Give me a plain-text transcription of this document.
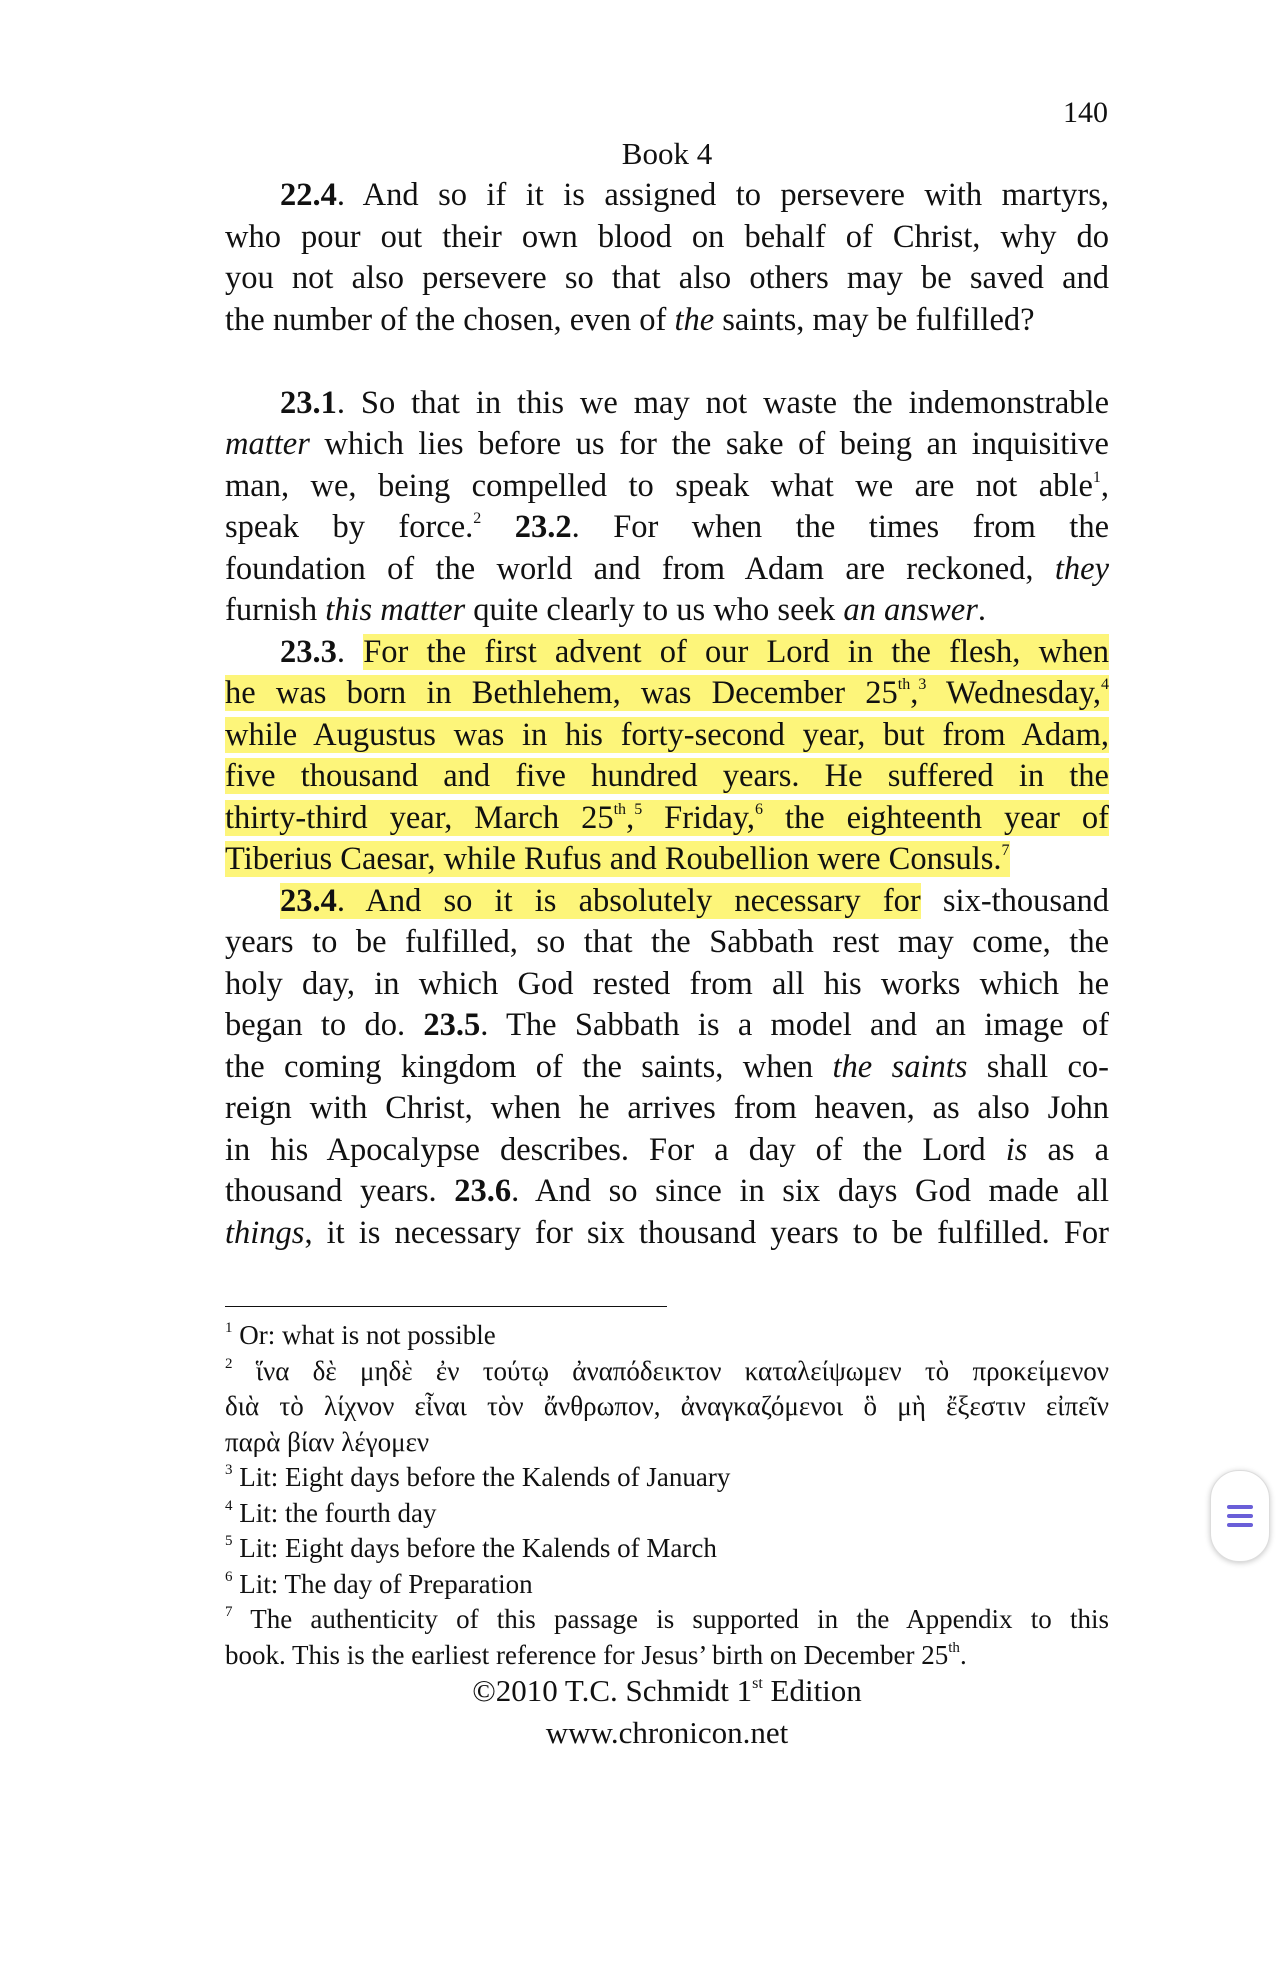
140
Book 4

22.4. And so if it is assigned to persevere with martyrs,

who pour out their own blood on behalf of Christ, why do

you not also persevere so that also others may be saved and

the number of the chosen, even of the saints, may be fulfilled?

23.1. So that in this we may not waste the indemonstrable

matter which lies before us for the sake of being an inquisitive

man, we, being compelled to speak what we are not able$^1$,

speak by force.$^2$ 23.2. For when the times from the

foundation of the world and from Adam are reckoned, they

furnish this matter quite clearly to us who seek an answer.

23.3. For the first advent of our Lord in the flesh, when

he was born in Bethlehem, was December 25th,$^3$ Wednesday,$^4$

while Augustus was in his forty-second year, but from Adam,

five thousand and five hundred years. He suffered in the

thirty-third year, March 25th,$^5$ Friday,$^6$ the eighteenth year of

Tiberius Caesar, while Rufus and Roubellion were Consuls.$^7$

23.4. And so it is absolutely necessary for six-thousand

years to be fulfilled, so that the Sabbath rest may come, the

holy day, in which God rested from all his works which he

began to do. 23.5. The Sabbath is a model and an image of

the coming kingdom of the saints, when the saints shall co-

reign with Christ, when he arrives from heaven, as also John

in his Apocalypse describes. For a day of the Lord is as a

thousand years. 23.6. And so since in six days God made all

things, it is necessary for six thousand years to be fulfilled. For

$^1$ Or: what is not possible

$^2$ ἵνα δὲ μηδὲ ἐν τούτῳ ἀναπόδεικτον καταλείψωμεν τὸ προκείμενον

διὰ τὸ λίχνον εἶναι τὸν ἄνθρωπον, ἀναγκαζόμενοι ὃ μὴ ἔξεστιν εἰπεῖν

παρὰ βίαν λέγομεν

$^3$ Lit: Eight days before the Kalends of January

$^4$ Lit: the fourth day

$^5$ Lit: Eight days before the Kalends of March

$^6$ Lit: The day of Preparation

$^7$ The authenticity of this passage is supported in the Appendix to this

book. This is the earliest reference for Jesus’ birth on December 25th.

©2010 T.C. Schmidt 1st Edition
www.chronicon.net
